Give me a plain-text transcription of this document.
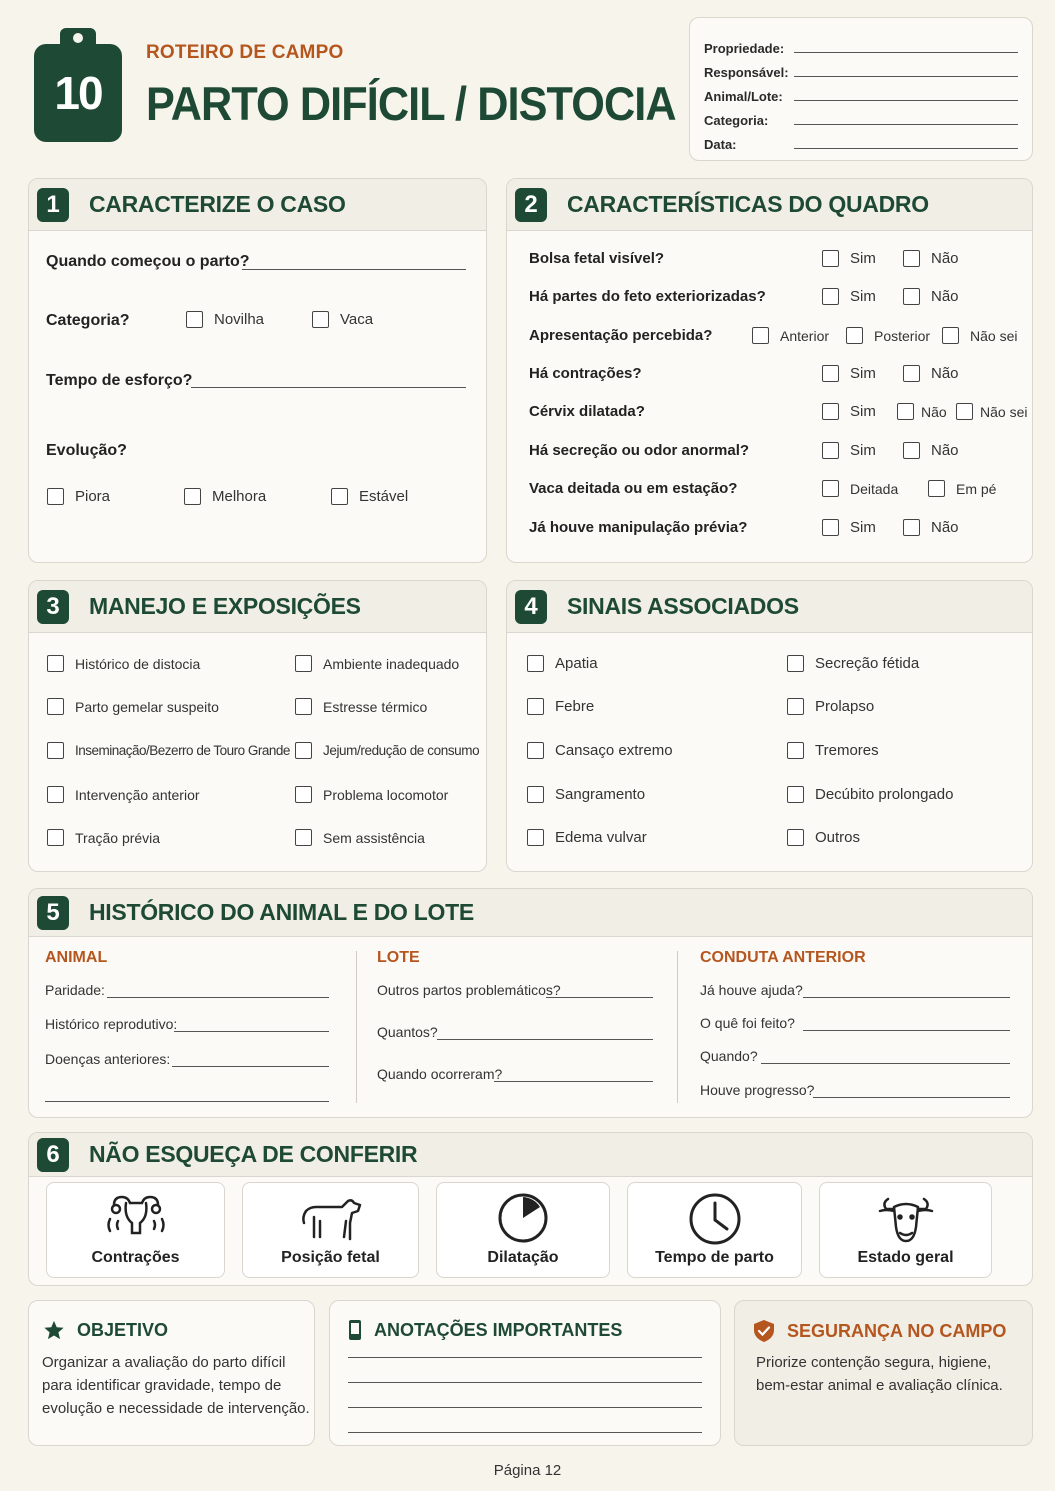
10
ROTEIRO DE CAMPO
PARTO DIFÍCIL / DISTOCIA
Propriedade:
Responsável:
Animal/Lote:
Categoria:
Data:
1	CARACTERIZE O CASO
Quando começou o parto?
Categoria?	Novilha	Vaca
Tempo de esforço?
Evolução?
Piora	Melhora	Estável
2	CARACTERÍSTICAS DO QUADRO
Bolsa fetal visível?	Sim	Não
Há partes do feto exteriorizadas?	Sim	Não
Apresentação percebida?	Anterior	Posterior	Não sei
Há contrações?	Sim	Não
Cérvix dilatada?	Sim	Não Não sei
Há secreção ou odor anormal?	Sim	Não
Vaca deitada ou em estação?	Deitada	Em pé
Já houve manipulação prévia?	Sim	Não
3	MANEJO E EXPOSIÇÕES
Histórico de distocia
Parto gemelar suspeito
Inseminação/Bezerro de Touro Grande
Intervenção anterior
Tração prévia
Ambiente inadequado
Estresse térmico
Jejum/redução de consumo
Problema locomotor
Sem assistência
4	SINAIS ASSOCIADOS
Apatia
Febre
Cansaço extremo
Sangramento
Edema vulvar
Secreção fétida
Prolapso
Tremores
Decúbito prolongado
Outros
5	HISTÓRICO DO ANIMAL E DO LOTE
ANIMAL
Paridade:
Histórico reprodutivo:
Doenças anteriores:
LOTE
Outros partos problemáticos?
Quantos?
Quando ocorreram?
CONDUTA ANTERIOR
Já houve ajuda?
O quê foi feito?
Quando?
Houve progresso?
6	NÃO ESQUEÇA DE CONFERIR
Contrações	Posição fetal	Dilatação	Tempo de parto	Estado geral
OBJETIVO
Organizar a avaliação do parto difícil
para identificar gravidade, tempo de
evolução e necessidade de intervenção.
ANOTAÇÕES IMPORTANTES	SEGURANÇA NO CAMPO
Priorize contenção segura, higiene,
bem-estar animal e avaliação clínica.
Página 12
